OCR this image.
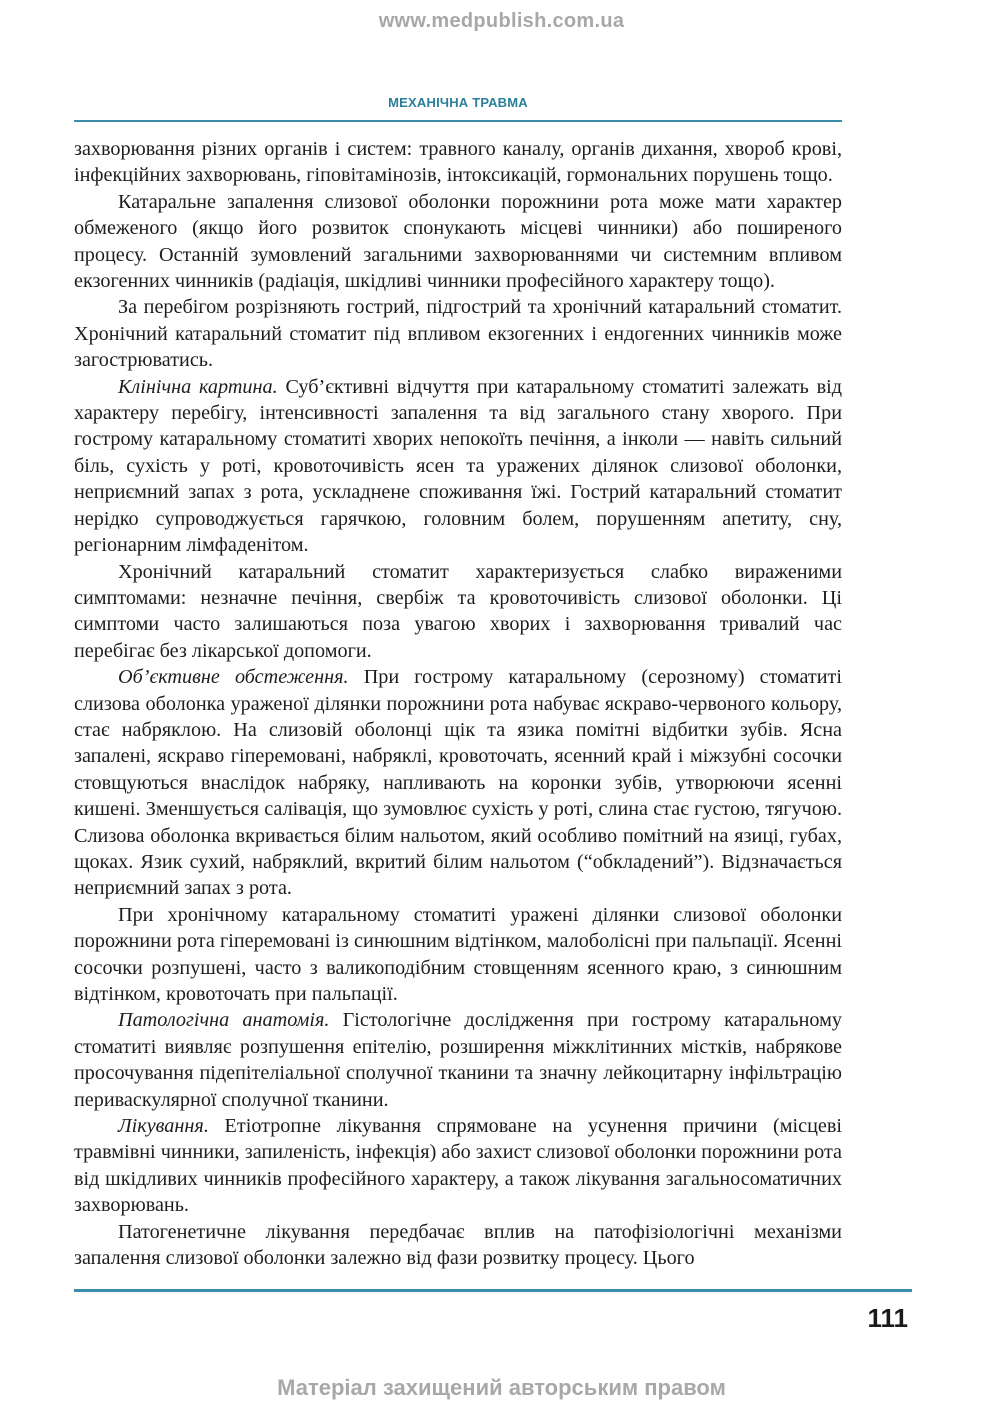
www.medpublish.com.ua
МЕХАНІЧНА ТРАВМА

захворювання різних органів і систем: травного каналу, органів дихання, хвороб крові, інфекційних захворювань, гіповітамінозів, інтоксикацій, гормональних порушень тощо.

Катаральне запалення слизової оболонки порожнини рота може мати характер обмеженого (якщо його розвиток спонукають місцеві чинники) або поширеного процесу. Останній зумовлений загальними захворюваннями чи системним впливом екзогенних чинників (радіація, шкідливі чинники професійного характеру тощо).

За перебігом розрізняють гострий, підгострий та хронічний катаральний стоматит. Хронічний катаральний стоматит під впливом екзогенних і ендогенних чинників може загострюватись.

Клінічна картина. Суб’єктивні відчуття при катаральному стоматиті залежать від характеру перебігу, інтенсивності запалення та від загального стану хворого. При гострому катаральному стоматиті хворих непокоїть печіння, а інколи — навіть сильний біль, сухість у роті, кровоточивість ясен та уражених ділянок слизової оболонки, неприємний запах з рота, ускладнене споживання їжі. Гострий катаральний стоматит нерідко супроводжується гарячкою, головним болем, порушенням апетиту, сну, регіонарним лімфаденітом.

Хронічний катаральний стоматит характеризується слабко вираженими симптомами: незначне печіння, свербіж та кровоточивість слизової оболонки. Ці симптоми часто залишаються поза увагою хворих і захворювання тривалий час перебігає без лікарської допомоги.

Об’єктивне обстеження. При гострому катаральному (серозному) стоматиті слизова оболонка ураженої ділянки порожнини рота набуває яскраво-червоного кольору, стає набряклою. На слизовій оболонці щік та язика помітні відбитки зубів. Ясна запалені, яскраво гіперемовані, набряклі, кровоточать, ясенний край і міжзубні сосочки стовщуються внаслідок набряку, напливають на коронки зубів, утворюючи ясенні кишені. Зменшується салівація, що зумовлює сухість у роті, слина стає густою, тягучою. Слизова оболонка вкривається білим нальотом, який особливо помітний на язиці, губах, щоках. Язик сухий, набряклий, вкритий білим нальотом (“обкладений”). Відзначається неприємний запах з рота.

При хронічному катаральному стоматиті уражені ділянки слизової оболонки порожнини рота гіперемовані із синюшним відтінком, малоболісні при пальпації. Ясенні сосочки розпушені, часто з валикоподібним стовщенням ясенного краю, з синюшним відтінком, кровоточать при пальпації.

Патологічна анатомія. Гістологічне дослідження при гострому катаральному стоматиті виявляє розпушення епітелію, розширення міжклітинних містків, набрякове просочування підепітеліальної сполучної тканини та значну лейкоцитарну інфільтрацію периваскулярної сполучної тканини.

Лікування. Етіотропне лікування спрямоване на усунення причини (місцеві травмівні чинники, запиленість, інфекція) або захист слизової оболонки порожнини рота від шкідливих чинників професійного характеру, а також лікування загальносоматичних захворювань.

Патогенетичне лікування передбачає вплив на патофізіологічні механізми запалення слизової оболонки залежно від фази розвитку процесу. Цього

111
Матеріал захищений авторським правом
